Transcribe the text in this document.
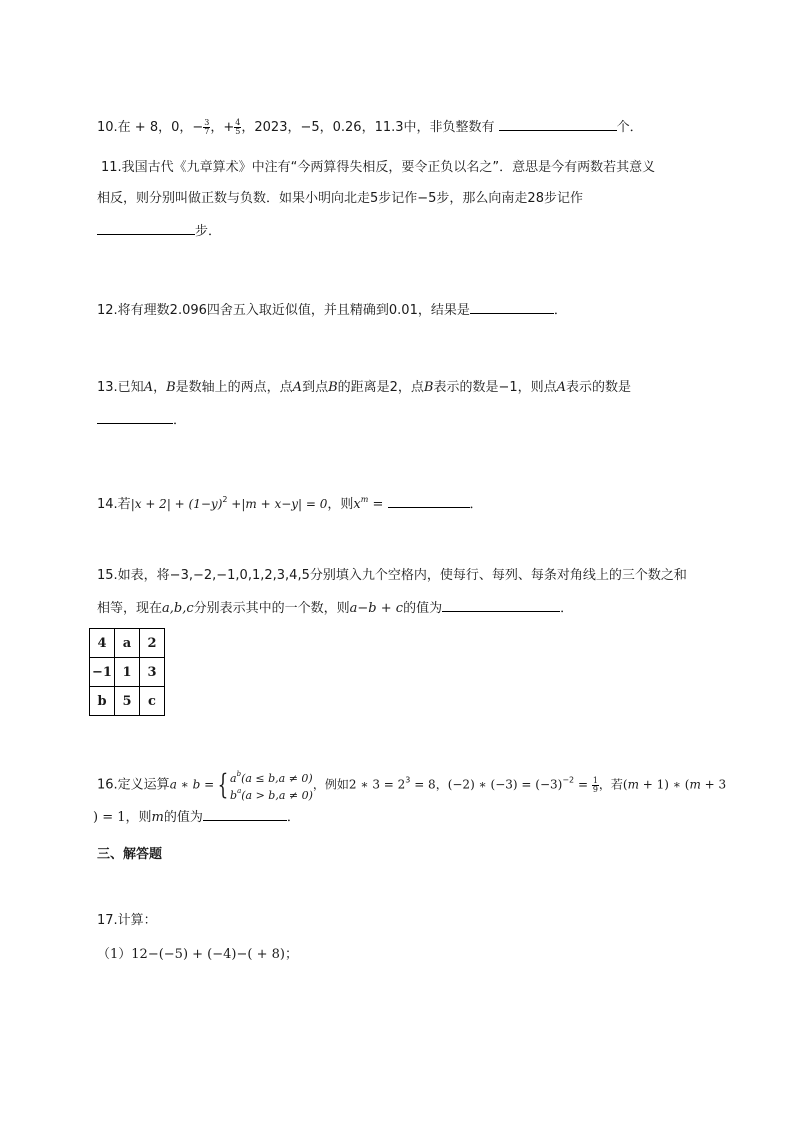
10.在 + 8，0，− $\frac{3}{7}$ ，+ $\frac{4}{5}$ ，2023，−5，0.26，11.3中，非负整数有	个．
11.我国古代《九章算术》中注有“今两算得失相反，要令正负以名之”．意思是今有两数若其意义
相反，则分别叫做正数与负数．如果小明向北走5步记作−5步，那么向南走28步记作
步．
12.将有理数2.096四舍五入取近似值，并且精确到0.01，结果是	．
13.已知A，B是数轴上的两点，点A到点B的距离是2，点B表示的数是−1，则点A表示的数是
．
14.若$|x + 2| + (1-y)^2 +|m + x-y| = 0$，则$x^m$ =	．
15.如表，将−3,−2,−1,0,1,2,3,4,5分别填入九个空格内，使每行、每列、每条对角线上的三个数之和
相等，现在a,b,c分别表示其中的一个数，则a−b + c的值为	．
4	a	2
−1	1	3
b	5	c
16.定义运算a ∗ b = { $a^b(a \le b,a \ne 0)$
$b^a(a > b,a \ne 0)$
，例如2 ∗ $3 = 2^3 = 8$，(−2) ∗ $(-3) = (-3)^{-2} = \frac{1}{9}$ ，若(m + 1) ∗ (m + 3
) = 1，则m的值为	．
三、解答题
17.计算：
（1）12−(−5) + (−4)−( + 8)；
